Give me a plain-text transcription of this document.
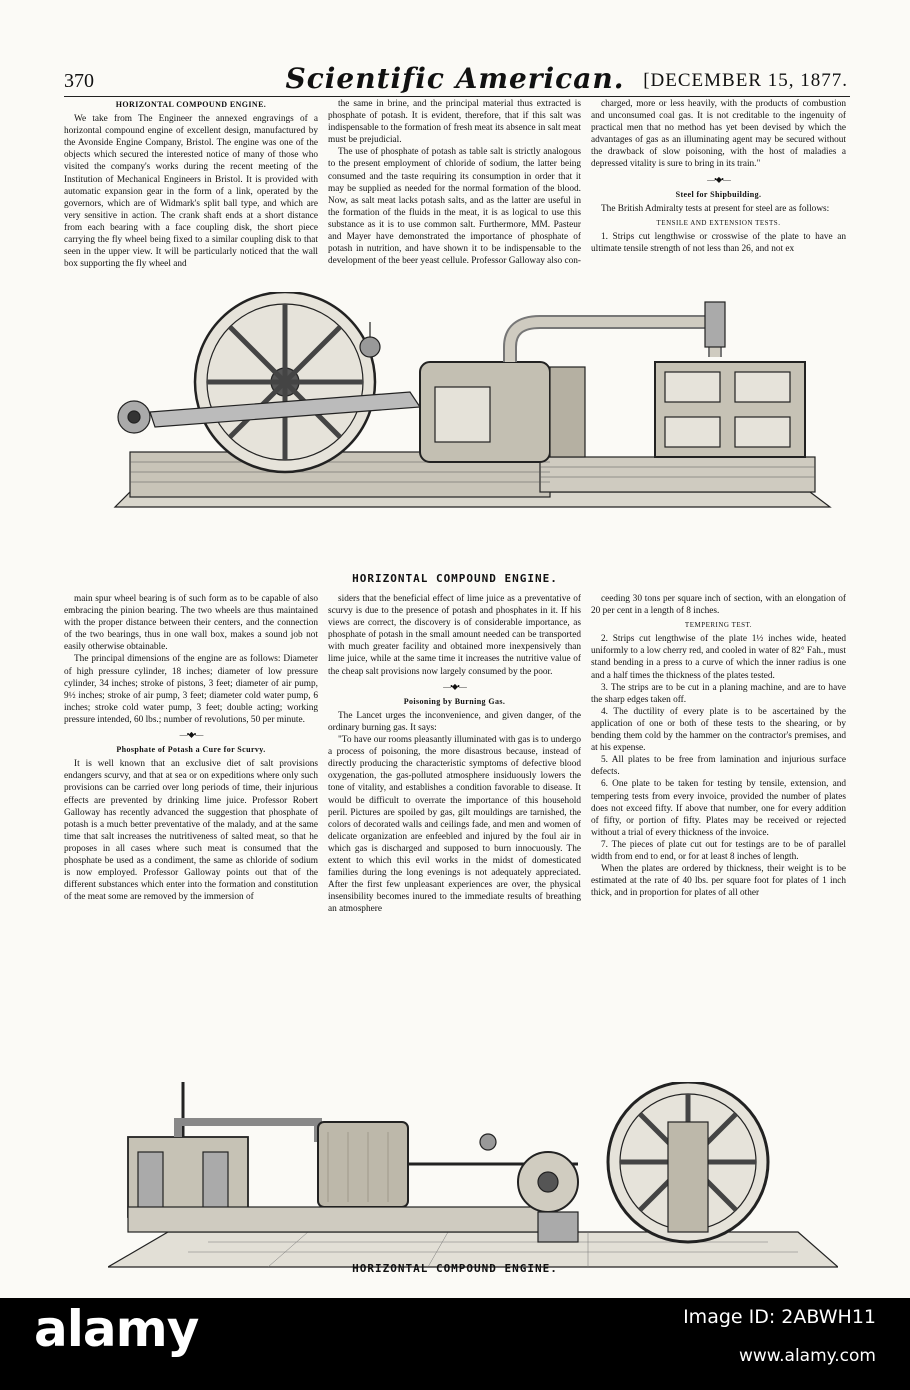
370	Scientific American. [DECEMBER 15, 1877.
HORIZONTAL COMPOUND ENGINE.

We take from The Engineer the annexed engravings of a horizontal compound engine of excellent design, manufactured by the Avonside Engine Company, Bristol. The engine was one of the objects which secured the interested notice of many of those who visited the company's works during the recent meeting of the Institution of Mechanical Engineers in Bristol. It is provided with automatic expansion gear in the form of a link, operated by the governors, which are of Widmark's split ball type, and which are very sensitive in action. The crank shaft ends at a short distance from each bearing with a face coupling disk, the short piece carrying the fly wheel being fixed to a similar coupling disk to that seen in the upper view. It will be particularly noticed that the wall box supporting the fly wheel and

the same in brine, and the principal material thus extracted is phosphate of potash. It is evident, therefore, that if this salt was indispensable to the formation of fresh meat its absence in salt meat must be prejudicial.

The use of phosphate of potash as table salt is strictly analogous to the present employment of chloride of sodium, the latter being consumed and the taste requiring its consumption in order that it may be supplied as needed for the normal formation of the blood. Now, as salt meat lacks potash salts, and as the latter are useful in the formation of the fluids in the meat, it is as logical to use this substance as it is to use common salt. Furthermore, MM. Pasteur and Mayer have demonstrated the importance of phosphate of potash in nutrition, and have shown it to be indispensable to the development of the beer yeast cellule. Professor Galloway also con-

charged, more or less heavily, with the products of combustion and unconsumed coal gas. It is not creditable to the ingenuity of practical men that no method has yet been devised by which the advantages of gas as an illuminating agent may be secured without the drawback of slow poisoning, with the host of maladies a depressed vitality is sure to bring in its train."

—•◆•—
Steel for Shipbuilding.

The British Admiralty tests at present for steel are as follows:

TENSILE AND EXTENSION TESTS.

1. Strips cut lengthwise or crosswise of the plate to have an ultimate tensile strength of not less than 26, and not ex

HORIZONTAL COMPOUND ENGINE.

main spur wheel bearing is of such form as to be capable of also embracing the pinion bearing. The two wheels are thus maintained with the proper distance between their centers, and the connection of the two bearings, thus in one wall box, makes a sound job not easily otherwise obtainable.

The principal dimensions of the engine are as follows: Diameter of high pressure cylinder, 18 inches; diameter of low pressure cylinder, 34 inches; stroke of pistons, 3 feet; diameter of air pump, 9½ inches; stroke of air pump, 3 feet; diameter cold water pump, 6 inches; stroke cold water pump, 3 feet; double acting; working pressure intended, 60 lbs.; number of revolutions, 50 per minute.

—•◆•—
Phosphate of Potash a Cure for Scurvy.

It is well known that an exclusive diet of salt provisions endangers scurvy, and that at sea or on expeditions where only such provisions can be carried over long periods of time, their injurious effects are prevented by drinking lime juice. Professor Robert Galloway has recently advanced the suggestion that phosphate of potash is a much better preventative of the malady, and at the same time that salt increases the nutritiveness of salted meat, so that he proposes in all cases where such meat is consumed that the phosphate be used as a condiment, the same as chloride of sodium is now employed. Professor Galloway points out that of the different substances which enter into the formation and constitution of the meat some are removed by the immersion of

siders that the beneficial effect of lime juice as a preventative of scurvy is due to the presence of potash and phosphates in it. If his views are correct, the discovery is of considerable importance, as phosphate of potash in the small amount needed can be transported with much greater facility and obtained more inexpensively than lime juice, while at the same time it increases the nutritive value of the cheap salt provisions now largely consumed by the poor.

—•◆•—
Poisoning by Burning Gas.

The Lancet urges the inconvenience, and given danger, of the ordinary burning gas. It says:

"To have our rooms pleasantly illuminated with gas is to undergo a process of poisoning, the more disastrous because, instead of directly producing the characteristic symptoms of defective blood oxygenation, the gas-polluted atmosphere insiduously lowers the tone of vitality, and establishes a condition favorable to disease. It would be difficult to overrate the importance of this household peril. Pictures are spoiled by gas, gilt mouldings are tarnished, the colors of decorated walls and ceilings fade, and men and women of delicate organization are enfeebled and injured by the foul air in which gas is discharged and supposed to burn innocuously. The extent to which this evil works in the midst of domesticated families during the long evenings is not adequately appreciated. After the first few unpleasant experiences are over, the physical insensibility becomes inured to the immediate results of breathing an atmosphere

ceeding 30 tons per square inch of section, with an elongation of 20 per cent in a length of 8 inches.

TEMPERING TEST.

2. Strips cut lengthwise of the plate 1½ inches wide, heated uniformly to a low cherry red, and cooled in water of 82° Fah., must stand bending in a press to a curve of which the inner radius is one and a half times the thickness of the plates tested.

3. The strips are to be cut in a planing machine, and are to have the sharp edges taken off.

4. The ductility of every plate is to be ascertained by the application of one or both of these tests to the shearing, or by bending them cold by the hammer on the contractor's premises, and at his expense.

5. All plates to be free from lamination and injurious surface defects.

6. One plate to be taken for testing by tensile, extension, and tempering tests from every invoice, provided the number of plates does not exceed fifty. If above that number, one for every addition of fifty, or portion of fifty. Plates may be received or rejected without a trial of every thickness of the invoice.

7. The pieces of plate cut out for testings are to be of parallel width from end to end, or for at least 8 inches of length.

When the plates are ordered by thickness, their weight is to be estimated at the rate of 40 lbs. per square foot for plates of 1 inch thick, and in proportion for plates of all other

HORIZONTAL COMPOUND ENGINE.
alamy	Image ID: 2ABWH11
www.alamy.com
